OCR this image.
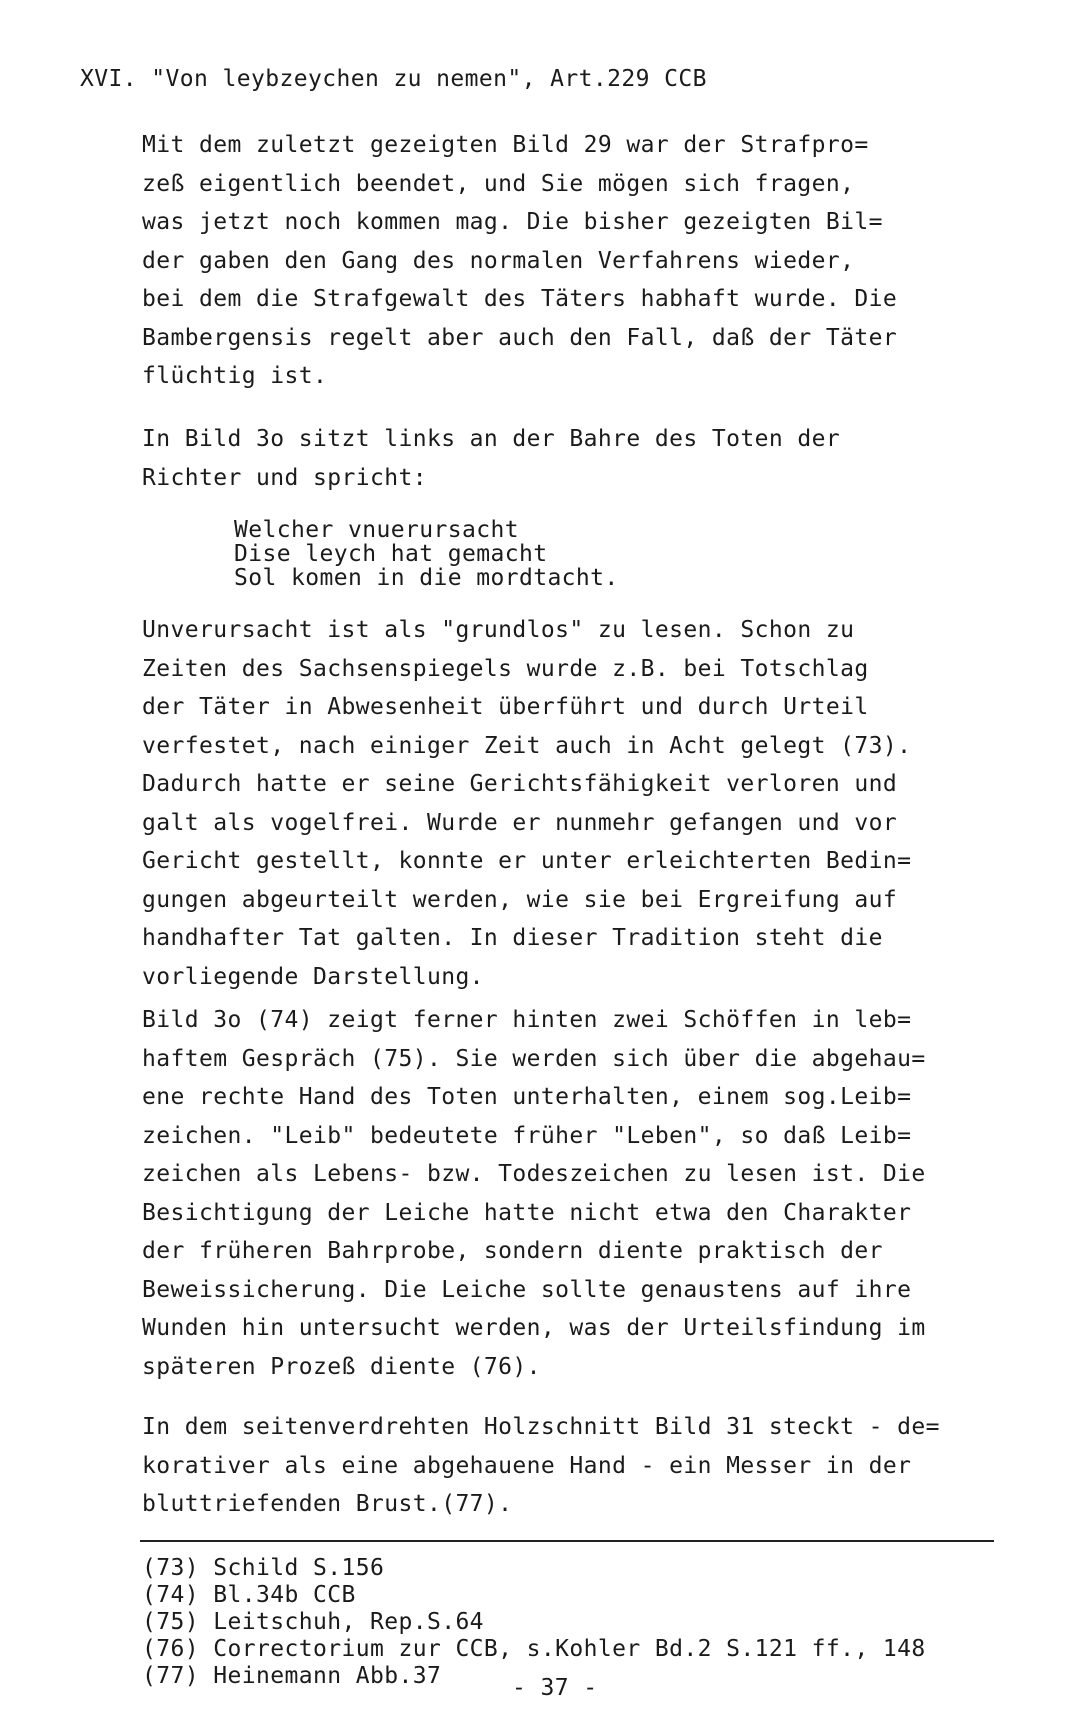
XVI. "Von leybzeychen zu nemen", Art.229 CCB
Mit dem zuletzt gezeigten Bild 29 war der Strafpro=
zeß eigentlich beendet, und Sie mögen sich fragen,
was jetzt noch kommen mag. Die bisher gezeigten Bil=
der gaben den Gang des normalen Verfahrens wieder,
bei dem die Strafgewalt des Täters habhaft wurde. Die
Bambergensis regelt aber auch den Fall, daß der Täter
flüchtig ist.
In Bild 3o sitzt links an der Bahre des Toten der
Richter und spricht:
Welcher vnuerursacht
Dise leych hat gemacht
Sol komen in die mordtacht.
Unverursacht ist als "grundlos" zu lesen. Schon zu
Zeiten des Sachsenspiegels wurde z.B. bei Totschlag
der Täter in Abwesenheit überführt und durch Urteil
verfestet, nach einiger Zeit auch in Acht gelegt (73).
Dadurch hatte er seine Gerichtsfähigkeit verloren und
galt als vogelfrei. Wurde er nunmehr gefangen und vor
Gericht gestellt, konnte er unter erleichterten Bedin=
gungen abgeurteilt werden, wie sie bei Ergreifung auf
handhafter Tat galten. In dieser Tradition steht die
vorliegende Darstellung.
Bild 3o (74) zeigt ferner hinten zwei Schöffen in leb=
haftem Gespräch (75). Sie werden sich über die abgehau=
ene rechte Hand des Toten unterhalten, einem sog.Leib=
zeichen. "Leib" bedeutete früher "Leben", so daß Leib=
zeichen als Lebens- bzw. Todeszeichen zu lesen ist. Die
Besichtigung der Leiche hatte nicht etwa den Charakter
der früheren Bahrprobe, sondern diente praktisch der
Beweissicherung. Die Leiche sollte genaustens auf ihre
Wunden hin untersucht werden, was der Urteilsfindung im
späteren Prozeß diente (76).
In dem seitenverdrehten Holzschnitt Bild 31 steckt - de=
korativer als eine abgehauene Hand - ein Messer in der
bluttriefenden Brust.(77).
(73) Schild S.156
(74) Bl.34b CCB
(75) Leitschuh, Rep.S.64
(76) Correctorium zur CCB, s.Kohler Bd.2 S.121 ff., 148
(77) Heinemann Abb.37	- 37 -
